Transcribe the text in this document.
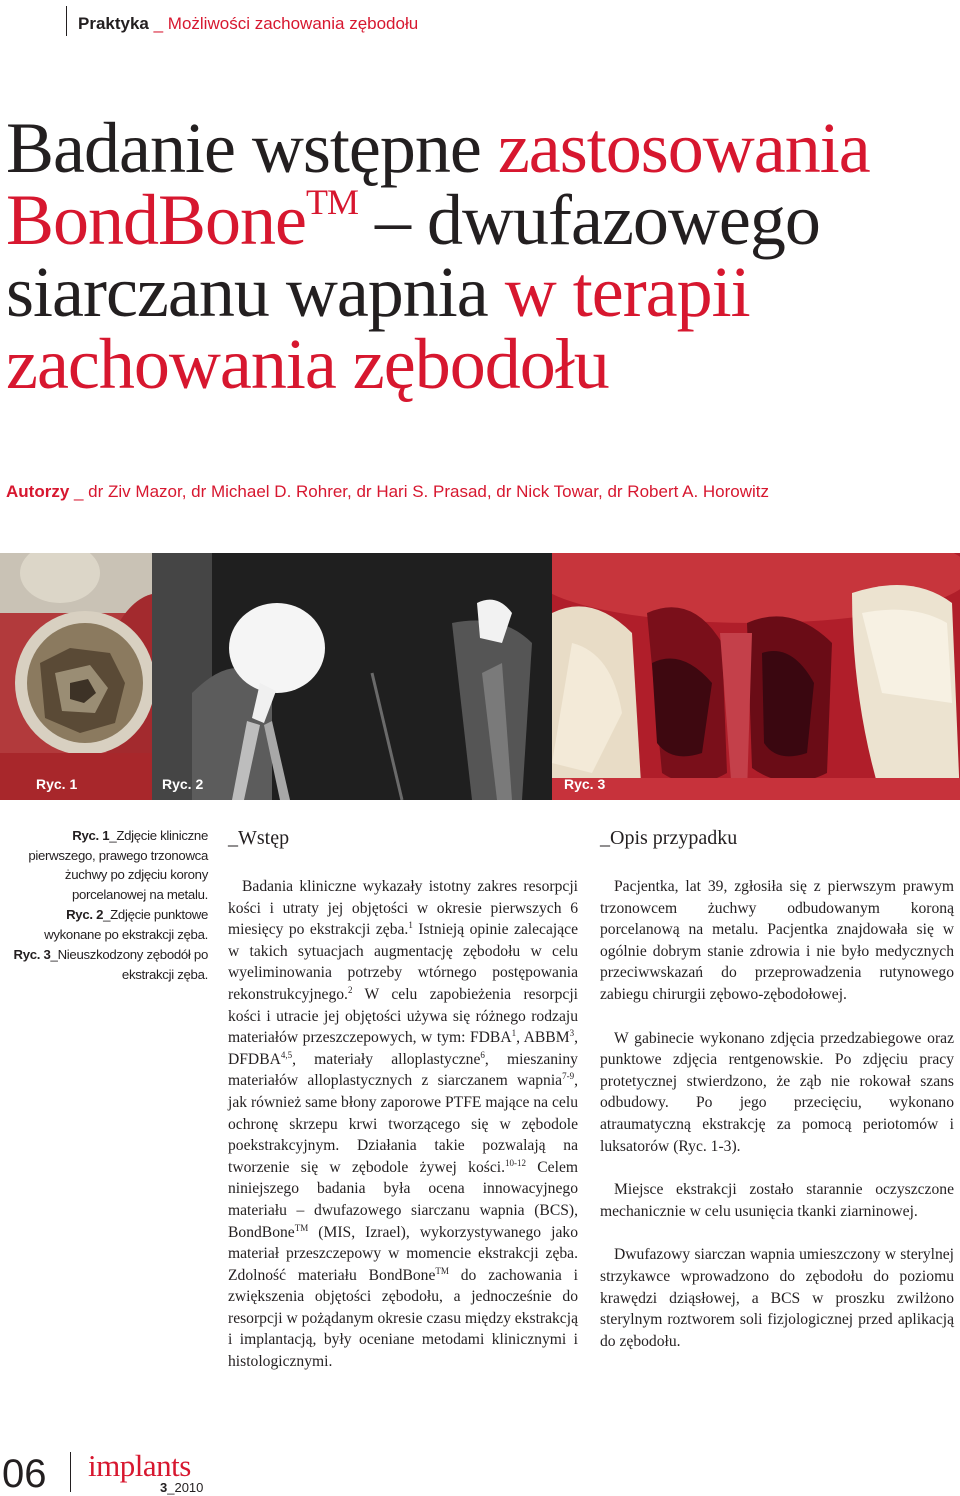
Praktyka _ Możliwości zachowania zębodołu
Badanie wstępne zastosowania
BondBone™ – dwufazowego
siarczanu wapnia w terapii
zachowania zębodołu
Autorzy _ dr Ziv Mazor, dr Michael D. Rohrer, dr Hari S. Prasad, dr Nick Towar, dr Robert A. Horowitz
Ryc. 1	Ryc. 2	Ryc. 3
Ryc. 1_Zdjęcie kliniczne pierwszego, prawego trzonowca żuchwy po zdjęciu korony porcelanowej na metalu.
Ryc. 2_Zdjęcie punktowe wykonane po ekstrakcji zęba.
Ryc. 3_Nieuszkodzony zębodół po ekstrakcji zęba.
_Wstęp

Badania kliniczne wykazały istotny zakres resorpcji kości i utraty jej objętości w okresie pierwszych 6 miesięcy po ekstrakcji zęba.$^1$ Istnieją opinie zalecające w takich sytuacjach augmentację zębodołu w celu wyeliminowania potrzeby wtórnego postępowania rekonstrukcyjnego.$^2$ W celu zapobieżenia resorpcji kości i utracie jej objętości używa się różnego rodzaju materiałów przeszczepowych, w tym: FDBA$^1$, ABBM$^3$, DFDBA$^{4,5}$, materiały alloplastyczne$^6$, mieszaniny materiałów alloplastycznych z siarczanem wapnia$^{7-9}$, jak również same błony zaporowe PTFE mające na celu ochronę skrzepu krwi tworzącego się w zębodole poekstrakcyjnym. Działania takie pozwalają na tworzenie się w zębodole żywej kości.$^{10-12}$ Celem niniejszego badania była ocena innowacyjnego materiału – dwufazowego siarczanu wapnia (BCS), BondBone™ (MIS, Izrael), wykorzystywanego jako materiał przeszczepowy w momencie ekstrakcji zęba. Zdolność materiału BondBone™ do zachowania i zwiększenia objętości zębodołu, a jednocześnie do resorpcji w pożądanym okresie czasu między ekstrakcją i implantacją, były oceniane metodami klinicznymi i histologicznymi.

_Opis przypadku

Pacjentka, lat 39, zgłosiła się z pierwszym prawym trzonowcem żuchwy odbudowanym koroną porcelanową na metalu. Pacjentka znajdowała się w ogólnie dobrym stanie zdrowia i nie było medycznych przeciwwskazań do przeprowadzenia rutynowego zabiegu chirurgii zębowo-zębodołowej.

W gabinecie wykonano zdjęcia przedzabiegowe oraz punktowe zdjęcia rentgenowskie. Po zdjęciu pracy protetycznej stwierdzono, że ząb nie rokował szans odbudowy. Po jego przecięciu, wykonano atraumatyczną ekstrakcję za pomocą periotomów i luksatorów (Ryc. 1-3).

Miejsce ekstrakcji zostało starannie oczyszczone mechanicznie w celu usunięcia tkanki ziarninowej.

Dwufazowy siarczan wapnia umieszczony w sterylnej strzykawce wprowadzono do zębodołu do poziomu krawędzi dziąsłowej, a BCS w proszku zwilżono sterylnym roztworem soli fizjologicznej przed aplikacją do zębodołu.

06 implants
3_2010
